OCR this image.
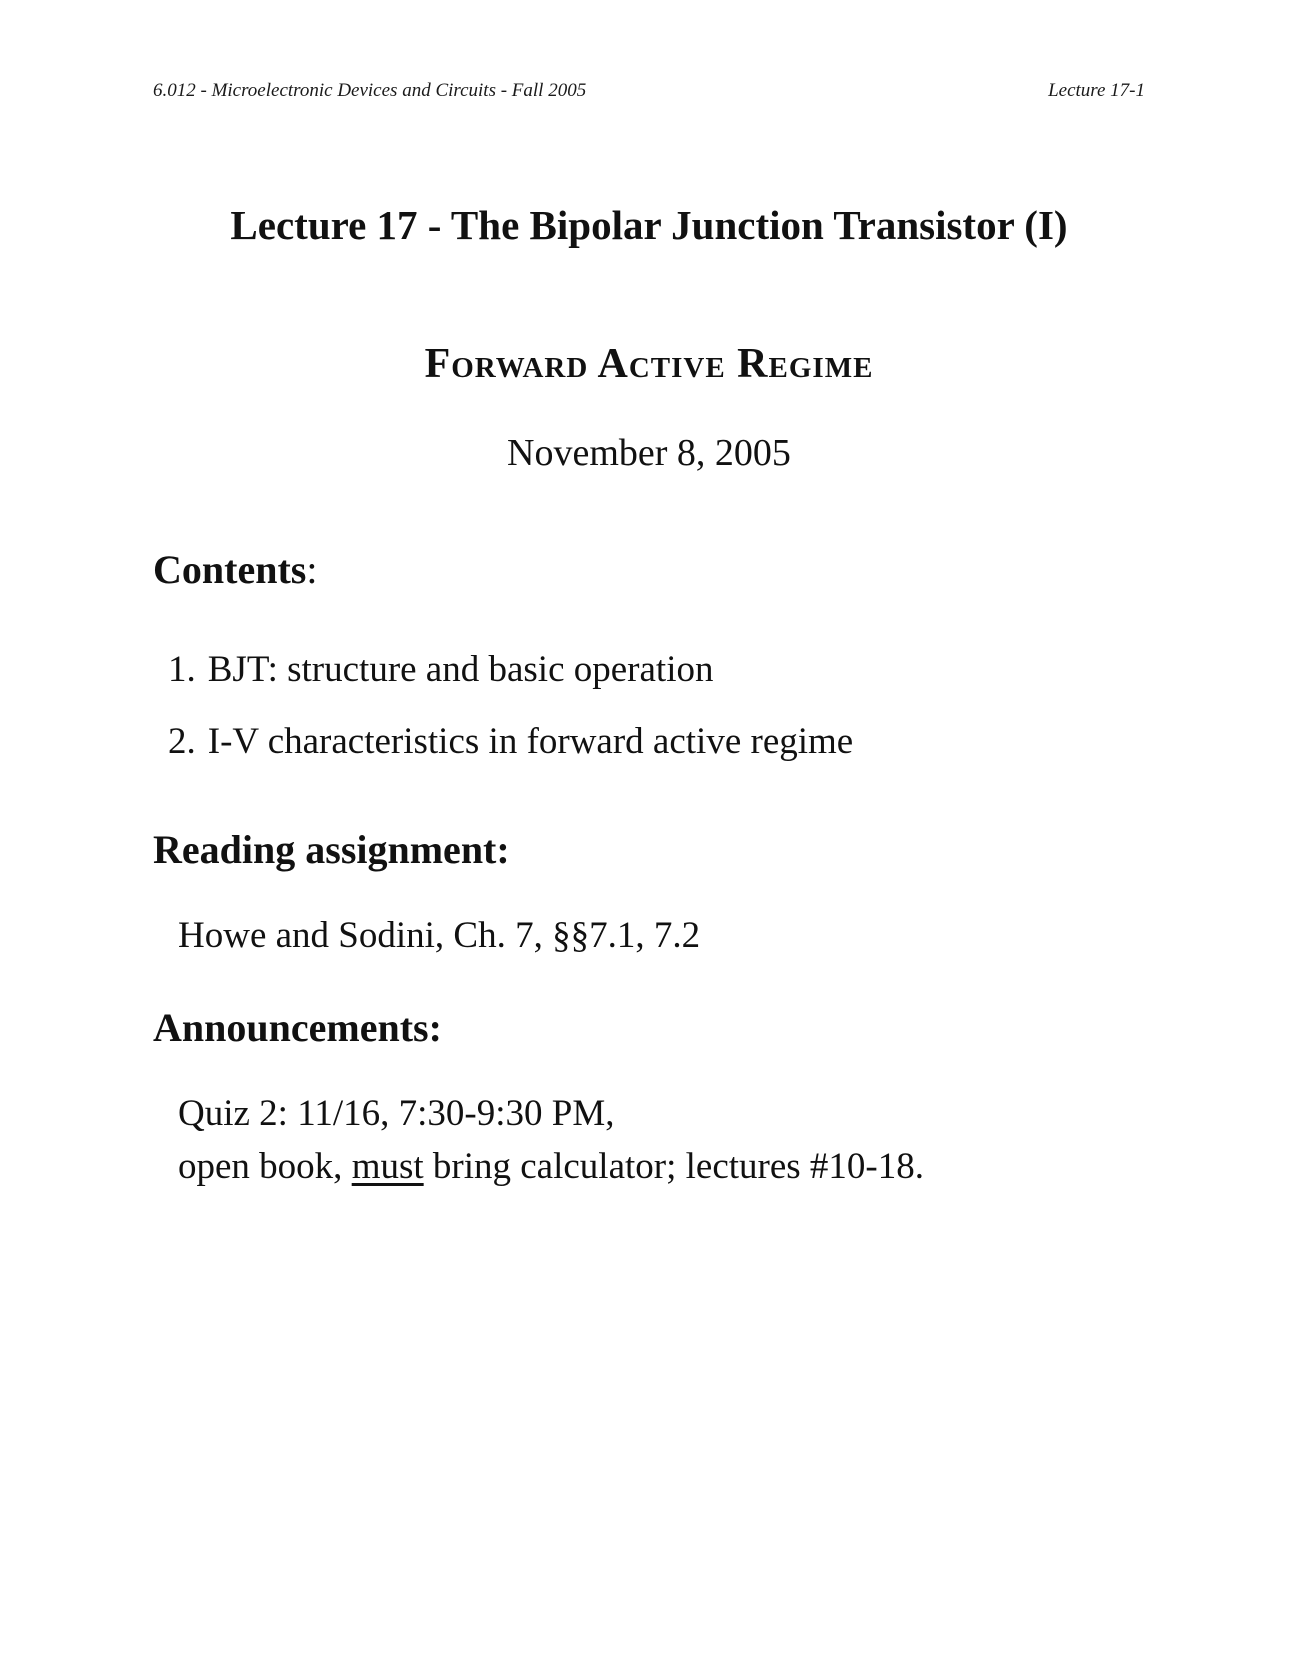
6.012 - Microelectronic Devices and Circuits - Fall 2005	Lecture 17-1
Lecture 17 - The Bipolar Junction Transistor (I)
Forward Active Regime
November 8, 2005
Contents:
1. BJT: structure and basic operation
2. I-V characteristics in forward active regime
Reading assignment:
Howe and Sodini, Ch. 7, §§7.1, 7.2
Announcements:
Quiz 2: 11/16, 7:30-9:30 PM,
open book, must bring calculator; lectures #10-18.
